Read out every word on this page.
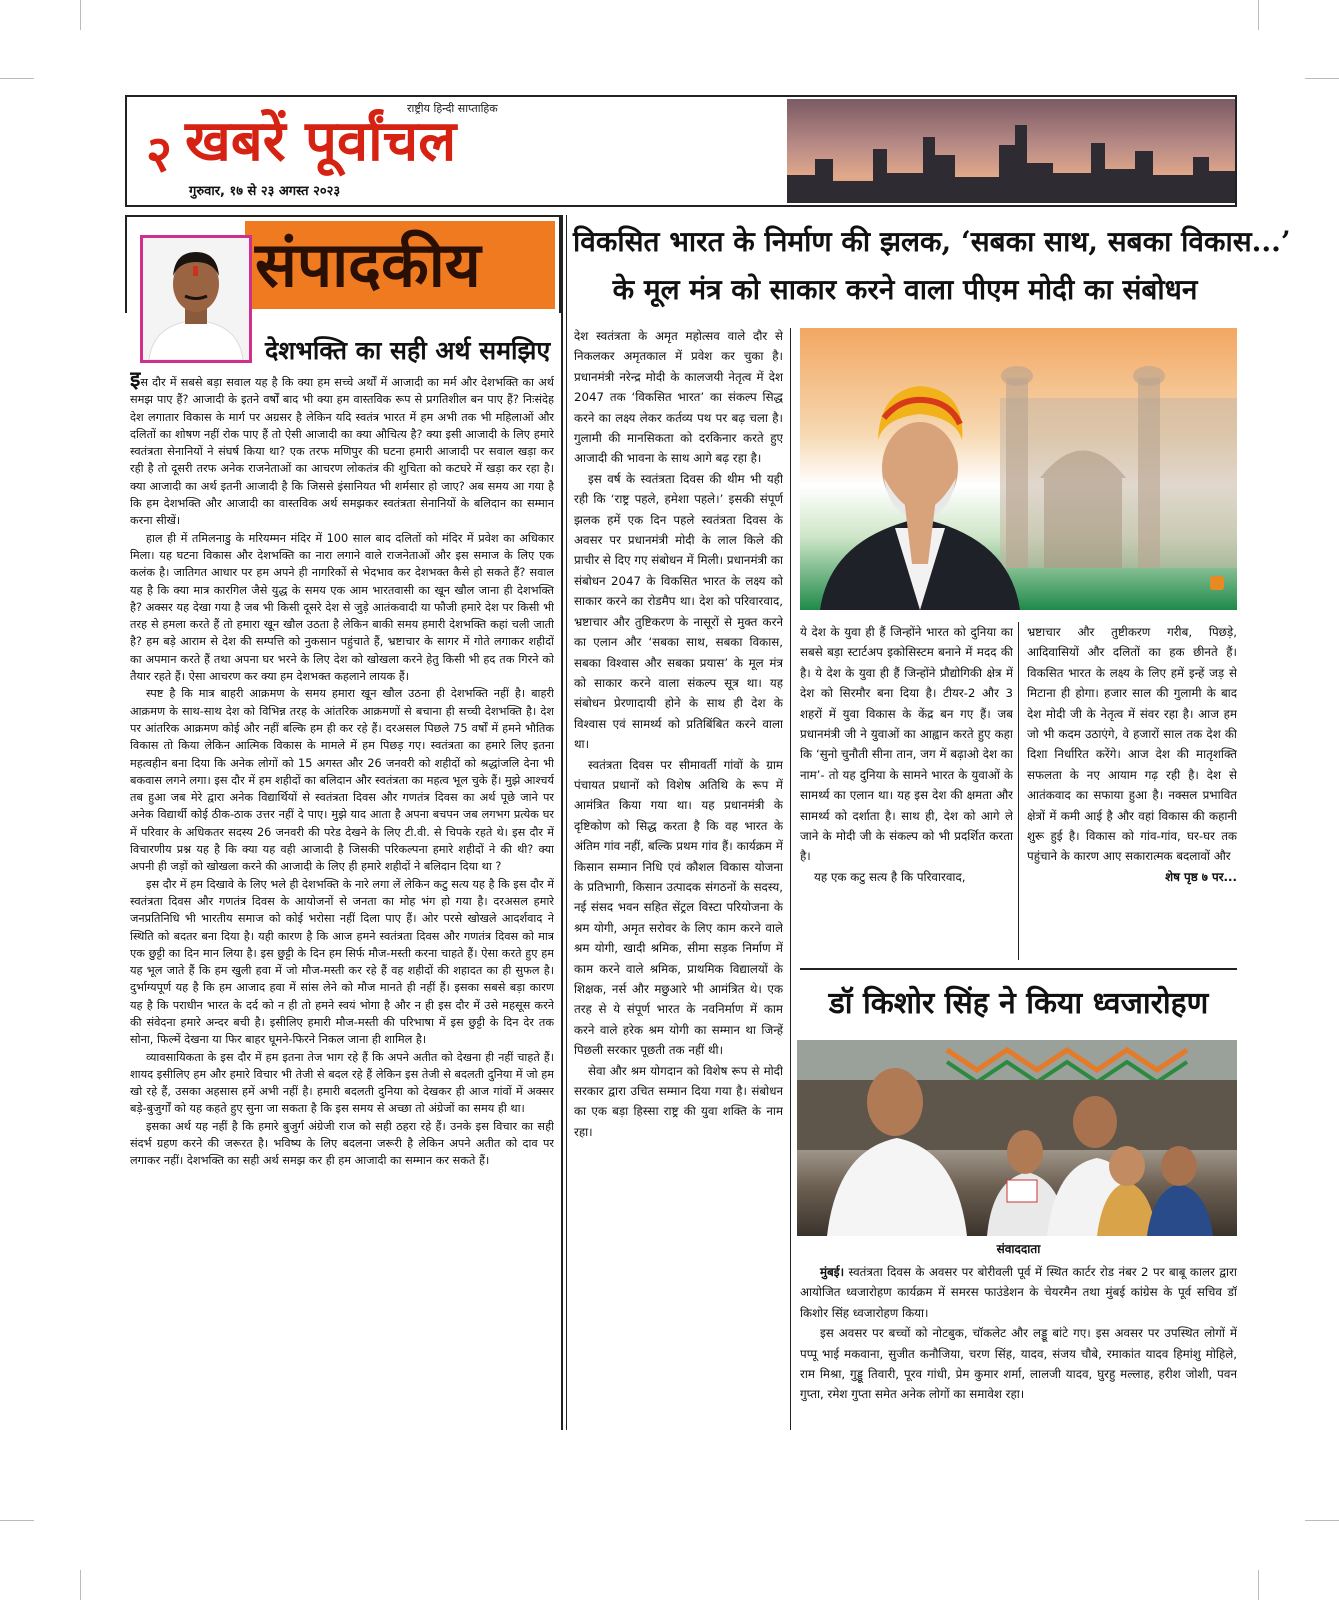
२ खबरें पूर्वांचल
राष्ट्रीय हिन्दी साप्ताहिक
गुरुवार, १७ से २३ अगस्त २०२३
संपादकीय
देशभक्ति का सही अर्थ समझिए

इस दौर में सबसे बड़ा सवाल यह है कि क्या हम सच्चे अर्थों में आजादी का मर्म और देशभक्ति का अर्थ समझ पाए हैं? आजादी के इतने वर्षों बाद भी क्या हम वास्तविक रूप से प्रगतिशील बन पाए हैं? निःसंदेह देश लगातार विकास के मार्ग पर अग्रसर है लेकिन यदि स्वतंत्र भारत में हम अभी तक भी महिलाओं और दलितों का शोषण नहीं रोक पाए हैं तो ऐसी आजादी का क्या औचित्य है? क्या इसी आजादी के लिए हमारे स्वतंत्रता सेनानियों ने संघर्ष किया था? एक तरफ मणिपुर की घटना हमारी आजादी पर सवाल खड़ा कर रही है तो दूसरी तरफ अनेक राजनेताओं का आचरण लोकतंत्र की शुचिता को कटघरे में खड़ा कर रहा है। क्या आजादी का अर्थ इतनी आजादी है कि जिससे इंसानियत भी शर्मसार हो जाए? अब समय आ गया है कि हम देशभक्ति और आजादी का वास्तविक अर्थ समझकर स्वतंत्रता सेनानियों के बलिदान का सम्मान करना सीखें।

हाल ही में तमिलनाडु के मरियम्मन मंदिर में 100 साल बाद दलितों को मंदिर में प्रवेश का अधिकार मिला। यह घटना विकास और देशभक्ति का नारा लगाने वाले राजनेताओं और इस समाज के लिए एक कलंक है। जातिगत आधार पर हम अपने ही नागरिकों से भेदभाव कर देशभक्त कैसे हो सकते हैं? सवाल यह है कि क्या मात्र कारगिल जैसे युद्ध के समय एक आम भारतवासी का खून खौल जाना ही देशभक्ति है? अक्सर यह देखा गया है जब भी किसी दूसरे देश से जुड़े आतंकवादी या फौजी हमारे देश पर किसी भी तरह से हमला करते हैं तो हमारा खून खौल उठता है लेकिन बाकी समय हमारी देशभक्ति कहां चली जाती है? हम बड़े आराम से देश की सम्पत्ति को नुकसान पहुंचाते हैं, भ्रष्टाचार के सागर में गोते लगाकर शहीदों का अपमान करते हैं तथा अपना घर भरने के लिए देश को खोखला करने हेतु किसी भी हद तक गिरने को तैयार रहते हैं। ऐसा आचरण कर क्या हम देशभक्त कहलाने लायक हैं।

स्पष्ट है कि मात्र बाहरी आक्रमण के समय हमारा खून खौल उठना ही देशभक्ति नहीं है। बाहरी आक्रमण के साथ-साथ देश को विभिन्न तरह के आंतरिक आक्रमणों से बचाना ही सच्ची देशभक्ति है। देश पर आंतरिक आक्रमण कोई और नहीं बल्कि हम ही कर रहे हैं। दरअसल पिछले 75 वर्षों में हमने भौतिक विकास तो किया लेकिन आत्मिक विकास के मामले में हम पिछड़ गए। स्वतंत्रता का हमारे लिए इतना महत्वहीन बना दिया कि अनेक लोगों को 15 अगस्त और 26 जनवरी को शहीदों को श्रद्धांजलि देना भी बकवास लगने लगा। इस दौर में हम शहीदों का बलिदान और स्वतंत्रता का महत्व भूल चुके हैं। मुझे आश्चर्य तब हुआ जब मेरे द्वारा अनेक विद्यार्थियों से स्वतंत्रता दिवस और गणतंत्र दिवस का अर्थ पूछे जाने पर अनेक विद्यार्थी कोई ठीक-ठाक उत्तर नहीं दे पाए। मुझे याद आता है अपना बचपन जब लगभग प्रत्येक घर में परिवार के अधिकतर सदस्य 26 जनवरी की परेड देखने के लिए टी.वी. से चिपके रहते थे। इस दौर में विचारणीय प्रश्न यह है कि क्या यह वही आजादी है जिसकी परिकल्पना हमारे शहीदों ने की थी? क्या अपनी ही जड़ों को खोखला करने की आजादी के लिए ही हमारे शहीदों ने बलिदान दिया था ?

इस दौर में हम दिखावे के लिए भले ही देशभक्ति के नारे लगा लें लेकिन कटु सत्य यह है कि इस दौर में स्वतंत्रता दिवस और गणतंत्र दिवस के आयोजनों से जनता का मोह भंग हो गया है। दरअसल हमारे जनप्रतिनिधि भी भारतीय समाज को कोई भरोसा नहीं दिला पाए हैं। ओर परसे खोखले आदर्शवाद ने स्थिति को बदतर बना दिया है। यही कारण है कि आज हमने स्वतंत्रता दिवस और गणतंत्र दिवस को मात्र एक छुट्टी का दिन मान लिया है। इस छुट्टी के दिन हम सिर्फ मौज-मस्ती करना चाहते हैं। ऐसा करते हुए हम यह भूल जाते हैं कि हम खुली हवा में जो मौज-मस्ती कर रहे हैं वह शहीदों की शहादत का ही सुफल है। दुर्भाग्यपूर्ण यह है कि हम आजाद हवा में सांस लेने को मौज मानते ही नहीं हैं। इसका सबसे बड़ा कारण यह है कि पराधीन भारत के दर्द को न ही तो हमने स्वयं भोगा है और न ही इस दौर में उसे महसूस करने की संवेदना हमारे अन्दर बची है। इसीलिए हमारी मौज-मस्ती की परिभाषा में इस छुट्टी के दिन देर तक सोना, फिल्में देखना या फिर बाहर घूमने-फिरने निकल जाना ही शामिल है।

व्यावसायिकता के इस दौर में हम इतना तेज भाग रहे हैं कि अपने अतीत को देखना ही नहीं चाहते हैं। शायद इसीलिए हम और हमारे विचार भी तेजी से बदल रहे हैं लेकिन इस तेजी से बदलती दुनिया में जो हम खो रहे हैं, उसका अहसास हमें अभी नहीं है। हमारी बदलती दुनिया को देखकर ही आज गांवों में अक्सर बड़े-बुजुर्गों को यह कहते हुए सुना जा सकता है कि इस समय से अच्छा तो अंग्रेजों का समय ही था।

इसका अर्थ यह नहीं है कि हमारे बुजुर्ग अंग्रेजी राज को सही ठहरा रहे हैं। उनके इस विचार का सही संदर्भ ग्रहण करने की जरूरत है। भविष्य के लिए बदलना जरूरी है लेकिन अपने अतीत को दाव पर लगाकर नहीं। देशभक्ति का सही अर्थ समझ कर ही हम आजादी का सम्मान कर सकते हैं।

विकसित भारत के निर्माण की झलक, ‘सबका साथ, सबका विकास...’
के मूल मंत्र को साकार करने वाला पीएम मोदी का संबोधन

देश स्वतंत्रता के अमृत महोत्सव वाले दौर से निकलकर अमृतकाल में प्रवेश कर चुका है। प्रधानमंत्री नरेन्द्र मोदी के कालजयी नेतृत्व में देश 2047 तक ‘विकसित भारत’ का संकल्प सिद्ध करने का लक्ष्य लेकर कर्तव्य पथ पर बढ़ चला है। गुलामी की मानसिकता को दरकिनार करते हुए आजादी की भावना के साथ आगे बढ़ रहा है।

इस वर्ष के स्वतंत्रता दिवस की थीम भी यही रही कि ‘राष्ट्र पहले, हमेशा पहले।’ इसकी संपूर्ण झलक हमें एक दिन पहले स्वतंत्रता दिवस के अवसर पर प्रधानमंत्री मोदी के लाल किले की प्राचीर से दिए गए संबोधन में मिली। प्रधानमंत्री का संबोधन 2047 के विकसित भारत के लक्ष्य को साकार करने का रोडमैप था। देश को परिवारवाद, भ्रष्टाचार और तुष्टिकरण के नासूरों से मुक्त करने का एलान और ‘सबका साथ, सबका विकास, सबका विश्वास और सबका प्रयास’ के मूल मंत्र को साकार करने वाला संकल्प सूत्र था। यह संबोधन प्रेरणादायी होने के साथ ही देश के विश्वास एवं सामर्थ्य को प्रतिबिंबित करने वाला था।

स्वतंत्रता दिवस पर सीमावर्ती गांवों के ग्राम पंचायत प्रधानों को विशेष अतिथि के रूप में आमंत्रित किया गया था। यह प्रधानमंत्री के दृष्टिकोण को सिद्ध करता है कि वह भारत के अंतिम गांव नहीं, बल्कि प्रथम गांव हैं। कार्यक्रम में किसान सम्मान निधि एवं कौशल विकास योजना के प्रतिभागी, किसान उत्पादक संगठनों के सदस्य, नई संसद भवन सहित सेंट्रल विस्टा परियोजना के श्रम योगी, अमृत सरोवर के लिए काम करने वाले श्रम योगी, खादी श्रमिक, सीमा सड़क निर्माण में काम करने वाले श्रमिक, प्राथमिक विद्यालयों के शिक्षक, नर्स और मछुआरे भी आमंत्रित थे। एक तरह से ये संपूर्ण भारत के नवनिर्माण में काम करने वाले हरेक श्रम योगी का सम्मान था जिन्हें पिछली सरकार पूछती तक नहीं थी।

सेवा और श्रम योगदान को विशेष रूप से मोदी सरकार द्वारा उचित सम्मान दिया गया है। संबोधन का एक बड़ा हिस्सा राष्ट्र की युवा शक्ति के नाम रहा।

ये देश के युवा ही हैं जिन्होंने भारत को दुनिया का सबसे बड़ा स्टार्टअप इकोसिस्टम बनाने में मदद की है। ये देश के युवा ही हैं जिन्होंने प्रौद्योगिकी क्षेत्र में देश को सिरमौर बना दिया है। टीयर-2 और 3 शहरों में युवा विकास के केंद्र बन गए हैं। जब प्रधानमंत्री जी ने युवाओं का आह्वान करते हुए कहा कि ‘सुनो चुनौती सीना तान, जग में बढ़ाओ देश का नाम’- तो यह दुनिया के सामने भारत के युवाओं के सामर्थ्य का एलान था। यह इस देश की क्षमता और सामर्थ्य को दर्शाता है। साथ ही, देश को आगे ले जाने के मोदी जी के संकल्प को भी प्रदर्शित करता है।

यह एक कटु सत्य है कि परिवारवाद,

भ्रष्टाचार और तुष्टीकरण गरीब, पिछड़े, आदिवासियों और दलितों का हक छीनते हैं। विकसित भारत के लक्ष्य के लिए हमें इन्हें जड़ से मिटाना ही होगा। हजार साल की गुलामी के बाद देश मोदी जी के नेतृत्व में संवर रहा है। आज हम जो भी कदम उठाएंगे, वे हजारों साल तक देश की दिशा निर्धारित करेंगे। आज देश की मातृशक्ति सफलता के नए आयाम गढ़ रही है। देश से आतंकवाद का सफाया हुआ है। नक्सल प्रभावित क्षेत्रों में कमी आई है और वहां विकास की कहानी शुरू हुई है। विकास को गांव-गांव, घर-घर तक पहुंचाने के कारण आए सकारात्मक बदलावों और
शेष पृष्ठ ७ पर...
डॉ किशोर सिंह ने किया ध्वजारोहण
संवाददाता

मुंबई। स्वतंत्रता दिवस के अवसर पर बोरीवली पूर्व में स्थित कार्टर रोड नंबर 2 पर बाबू कालर द्वारा आयोजित ध्वजारोहण कार्यक्रम में समरस फाउंडेशन के चेयरमैन तथा मुंबई कांग्रेस के पूर्व सचिव डॉ किशोर सिंह ध्वजारोहण किया।

इस अवसर पर बच्चों को नोटबुक, चॉकलेट और लड्डू बांटे गए। इस अवसर पर उपस्थित लोगों में पप्पू भाई मकवाना, सुजीत कनौजिया, चरण सिंह, यादव, संजय चौबे, रमाकांत यादव हिमांशु मोहिले, राम मिश्रा, गुड्डू तिवारी, पूरव गांधी, प्रेम कुमार शर्मा, लालजी यादव, घुरहु मल्लाह, हरीश जोशी, पवन गुप्ता, रमेश गुप्ता समेत अनेक लोगों का समावेश रहा।
